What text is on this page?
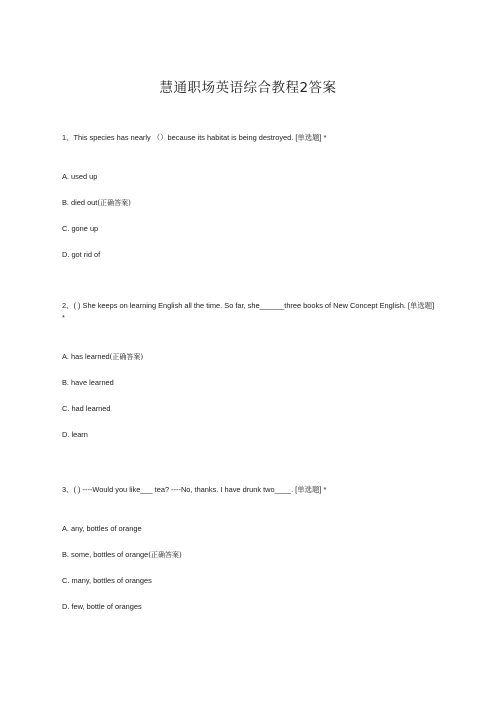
慧通职场英语综合教程2答案
1、This species has nearly （）because its habitat is being destroyed. [单选题] *
A. used up
B. died out(正确答案)
C. gone up
D. got rid of
2、( ) She keeps on learning English all the time. So far, she______three books of New Concept English. [单选题] *
A. has learned(正确答案)
B. have learned
C. had learned
D. learn
3、( ) ----Would you like___ tea? ----No, thanks. I have drunk two____. [单选题] *
A. any, bottles of orange
B. some, bottles of orange(正确答案)
C. many, bottles of oranges
D. few, bottle of oranges
